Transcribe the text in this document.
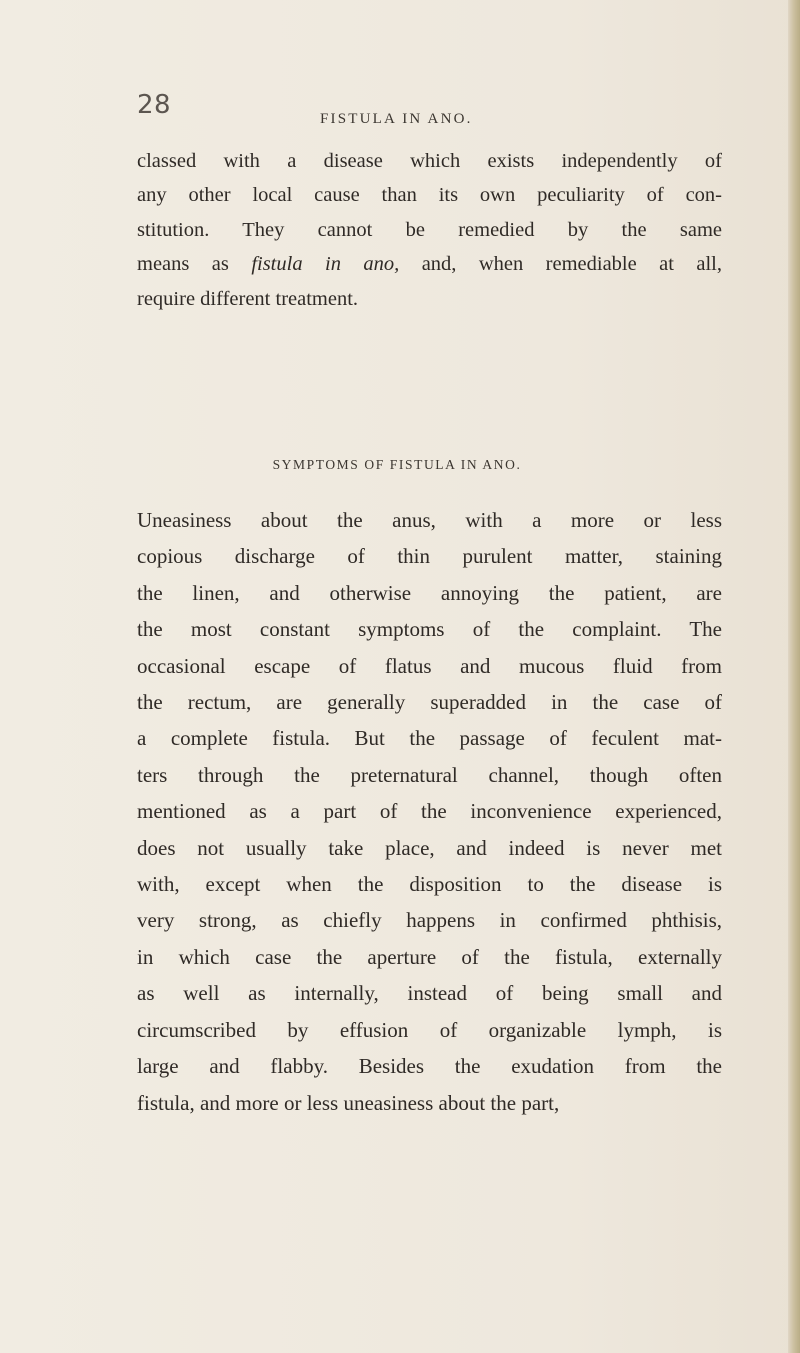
28	FISTULA IN ANO.
classed with a disease which exists independently of
any other local cause than its own peculiarity of con-
stitution. They cannot be remedied by the same
means as fistula in ano, and, when remediable at all,
require different treatment.
SYMPTOMS OF FISTULA IN ANO.
Uneasiness about the anus, with a more or less
copious discharge of thin purulent matter, staining
the linen, and otherwise annoying the patient, are
the most constant symptoms of the complaint. The
occasional escape of flatus and mucous fluid from
the rectum, are generally superadded in the case of
a complete fistula. But the passage of feculent mat-
ters through the preternatural channel, though often
mentioned as a part of the inconvenience experienced,
does not usually take place, and indeed is never met
with, except when the disposition to the disease is
very strong, as chiefly happens in confirmed phthisis,
in which case the aperture of the fistula, externally
as well as internally, instead of being small and
circumscribed by effusion of organizable lymph, is
large and flabby. Besides the exudation from the
fistula, and more or less uneasiness about the part,
